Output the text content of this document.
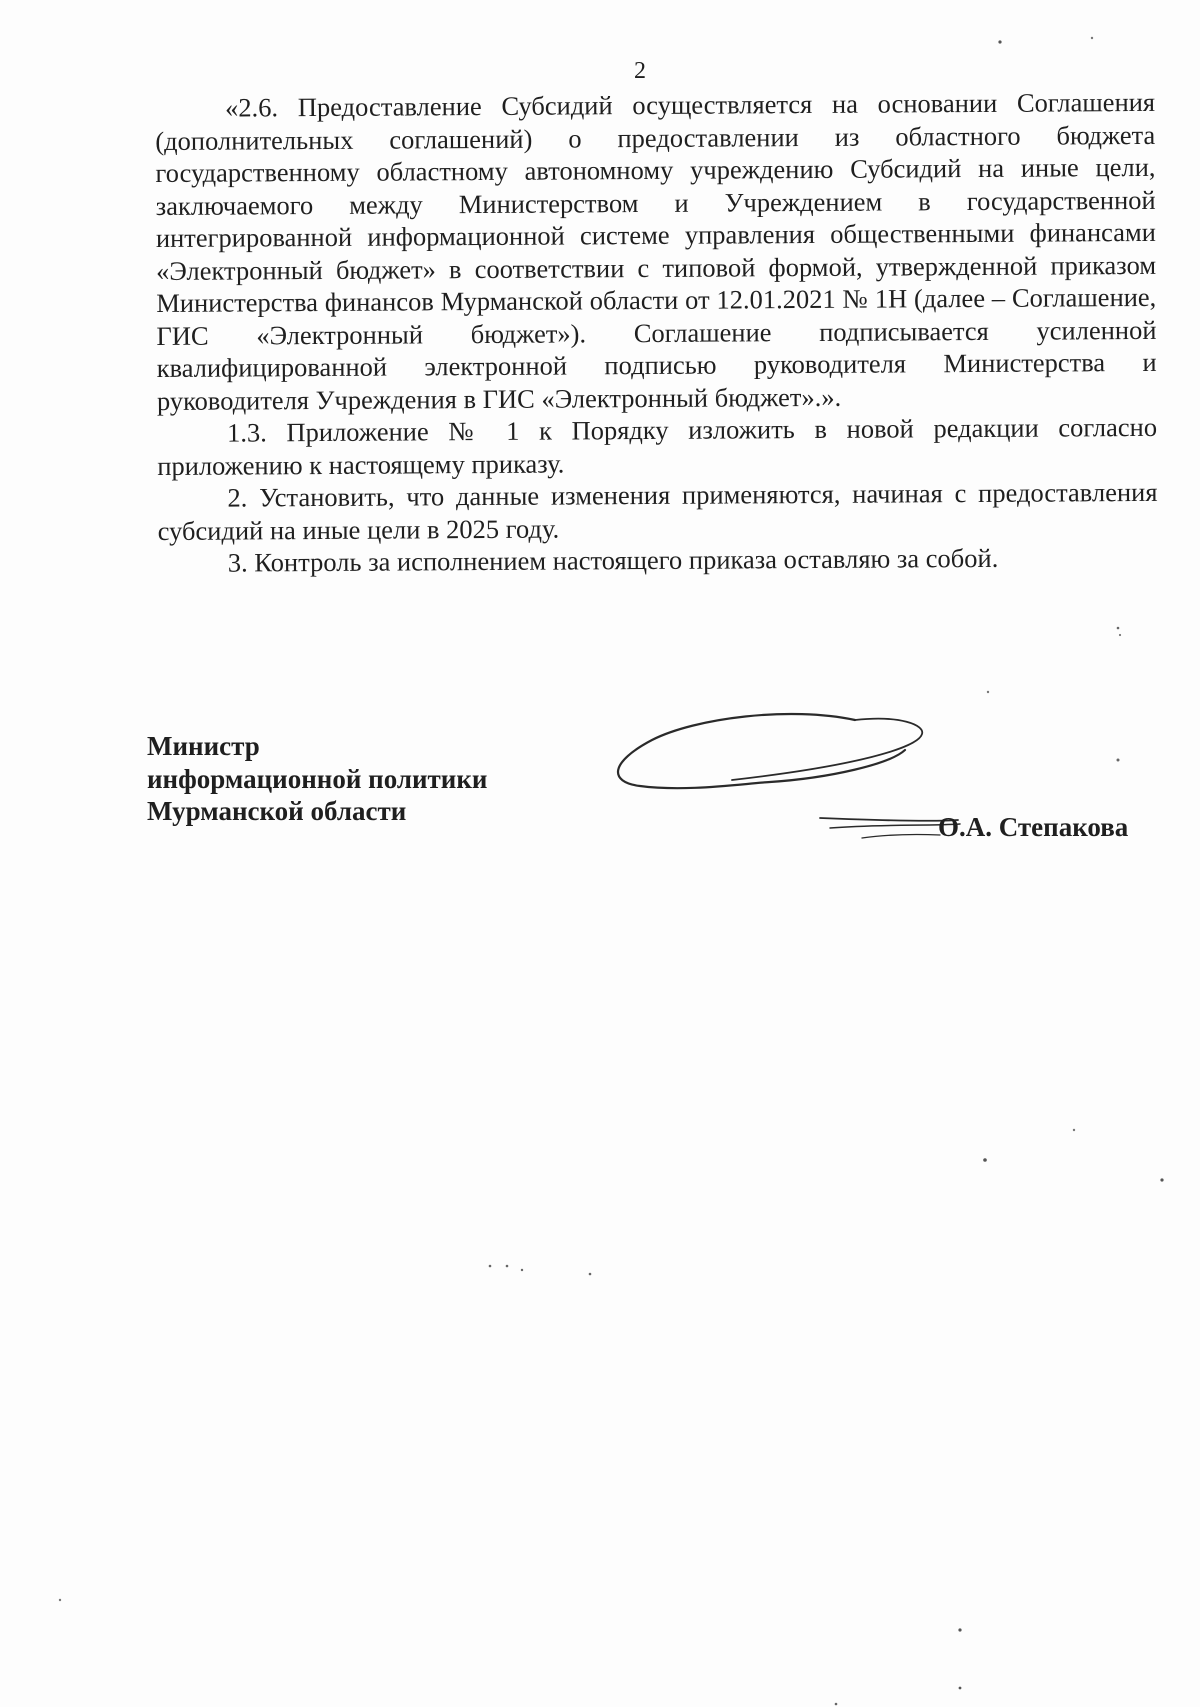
2

«2.6. Предоставление Субсидий осуществляется на основании Соглашения (дополнительных соглашений) о предоставлении из областного бюджета государственному областному автономному учреждению Субсидий на иные цели, заключаемого между Министерством и Учреждением в государственной интегрированной информационной системе управления общественными финансами «Электронный бюджет» в соответствии с типовой формой, утвержденной приказом Министерства финансов Мурманской области от 12.01.2021 № 1Н (далее – Соглашение, ГИС «Электронный бюджет»). Соглашение подписывается усиленной квалифицированной электронной подписью руководителя Министерства и руководителя Учреждения в ГИС «Электронный бюджет».».

1.3. Приложение № 1 к Порядку изложить в новой редакции согласно приложению к настоящему приказу.

2. Установить, что данные изменения применяются, начиная с предоставления субсидий на иные цели в 2025 году.

3. Контроль за исполнением настоящего приказа оставляю за собой.

Министр
информационной политики
Мурманской области
О.А. Степакова
